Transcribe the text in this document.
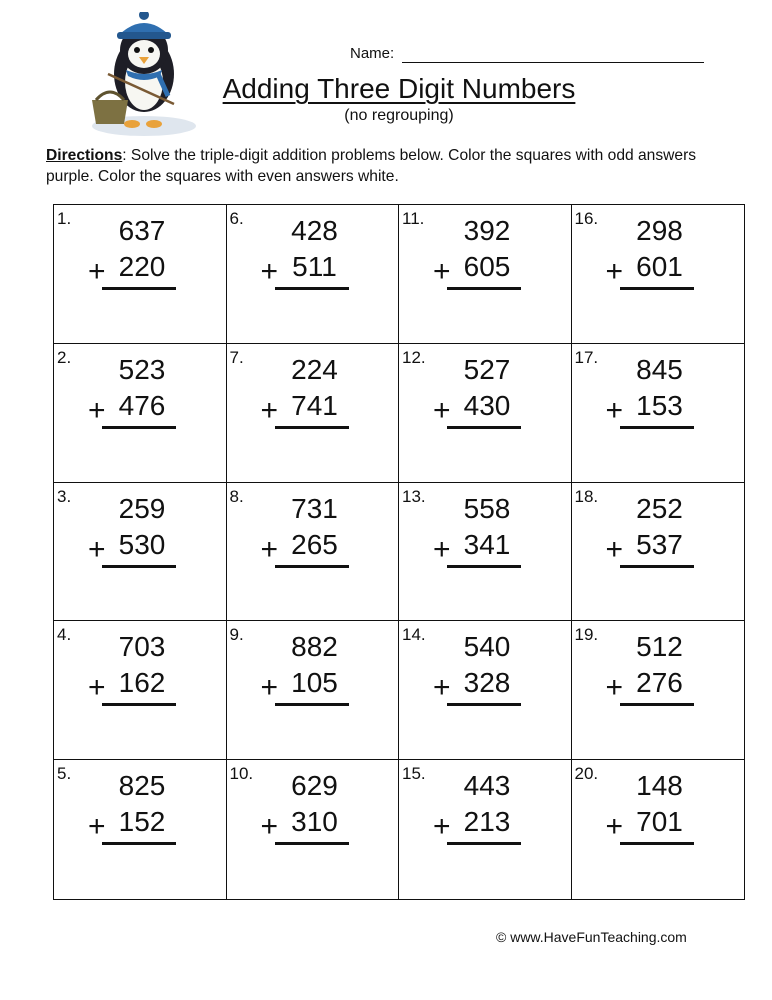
Name:
Adding Three Digit Numbers
(no regrouping)
Directions: Solve the triple-digit addition problems below. Color the squares with odd answers purple. Color the squares with even answers white.
1.	637
+ 220
6.	428
+ 511
11.	392
+ 605
16.	298
+ 601
2.	523
+ 476
7.	224
+ 741
12.	527
+ 430
17.	845
+ 153
3.	259
+ 530
8.	731
+ 265
13.	558
+ 341
18.	252
+ 537
4.	703
+ 162
9.	882
+ 105
14.	540
+ 328
19.	512
+ 276
5.	825
+ 152
10.	629
+ 310
15.	443
+ 213
20.	148
+ 701
© www.HaveFunTeaching.com
